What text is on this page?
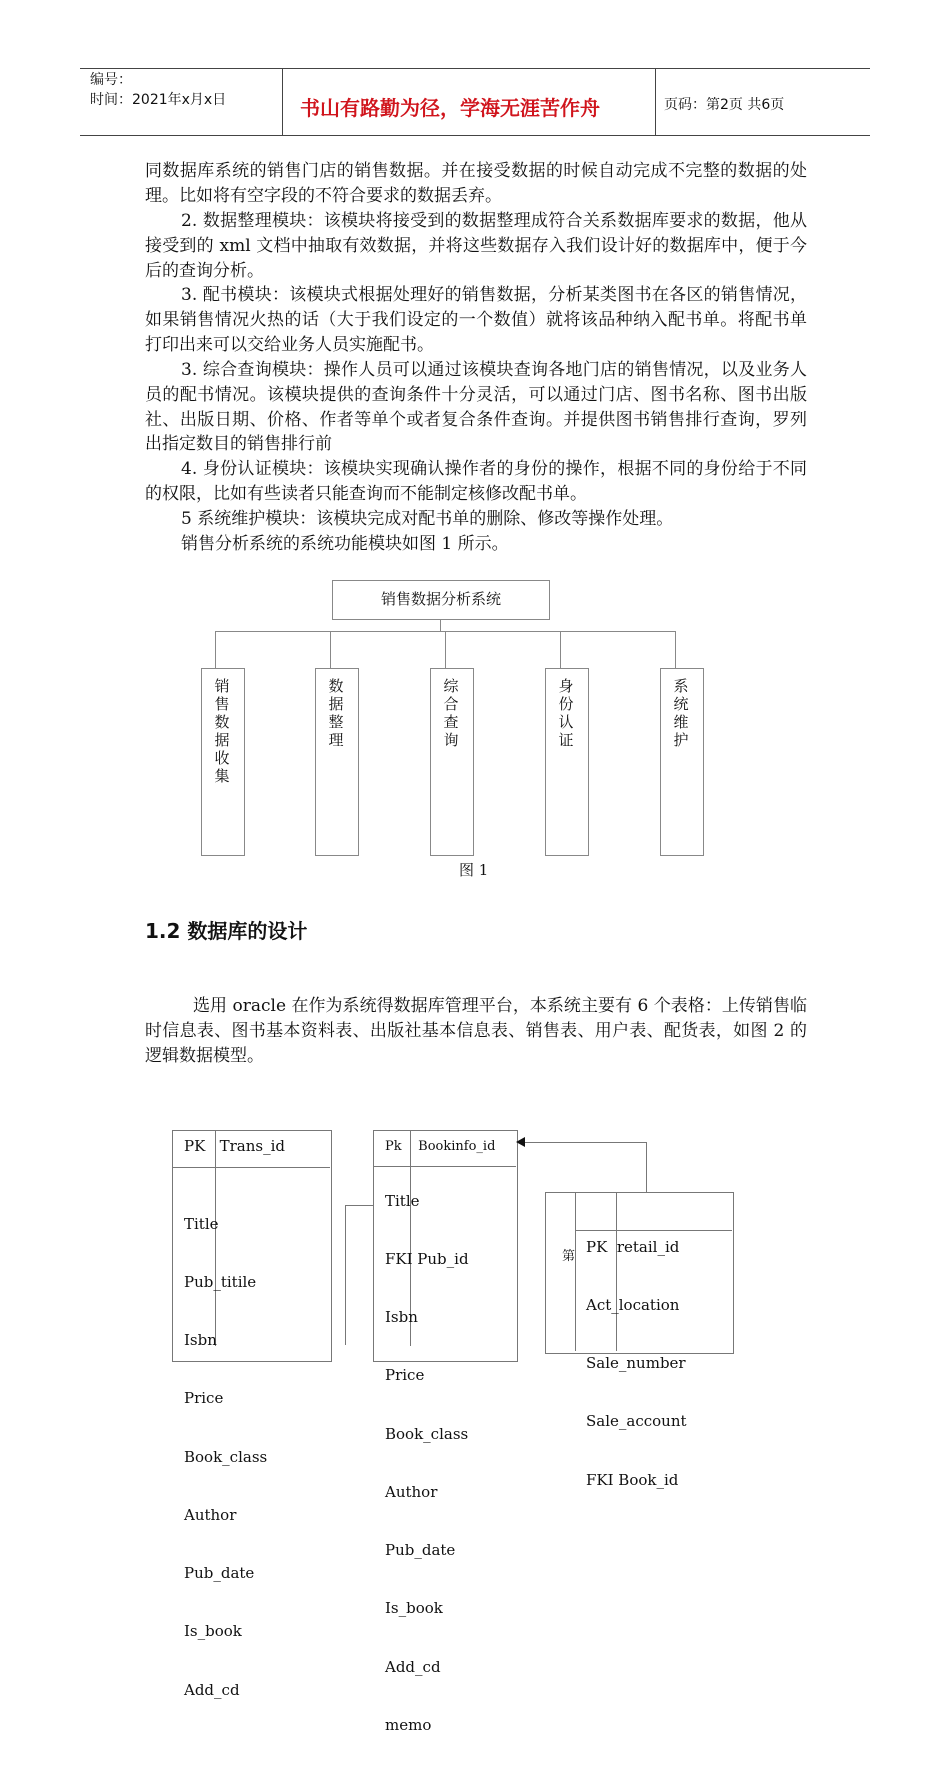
编号：
时间：2021年x月x日	书山有路勤为径，学海无涯苦作舟	页码：第2页 共6页

同数据库系统的销售门店的销售数据。并在接受数据的时候自动完成不完整的数据的处理。比如将有空字段的不符合要求的数据丢弃。

2. 数据整理模块：该模块将接受到的数据整理成符合关系数据库要求的数据，他从接受到的 xml 文档中抽取有效数据，并将这些数据存入我们设计好的数据库中，便于今后的查询分析。

3. 配书模块：该模块式根据处理好的销售数据，分析某类图书在各区的销售情况，如果销售情况火热的话（大于我们设定的一个数值）就将该品种纳入配书单。将配书单打印出来可以交给业务人员实施配书。

3. 综合查询模块：操作人员可以通过该模块查询各地门店的销售情况，以及业务人员的配书情况。该模块提供的查询条件十分灵活，可以通过门店、图书名称、图书出版社、出版日期、价格、作者等单个或者复合条件查询。并提供图书销售排行查询，罗列出指定数目的销售排行前

4. 身份认证模块：该模块实现确认操作者的身份的操作，根据不同的身份给于不同的权限，比如有些读者只能查询而不能制定核修改配书单。

5 系统维护模块：该模块完成对配书单的删除、修改等操作处理。

销售分析系统的系统功能模块如图 1 所示。

销售数据分析系统
销售数据收集
数据整理
综合查询
身份认证
系统维护
图 1
1.2 数据库的设计

选用 oracle 在作为系统得数据库管理平台，本系统主要有 6 个表格：上传销售临时信息表、图书基本资料表、出版社基本信息表、销售表、用户表、配货表，如图 2 的逻辑数据模型。

PK   Trans_id

Title

Pub_titile

Isbn

Price

Book_class

Author

Pub_date

Is_book

Add_cd

Pk    Bookinfo_id

Title

FKI Pub_id

Isbn

Price

Book_class

Author

Pub_date

Is_book

Add_cd

memo

第

PK  retail_id

Act_location

Sale_number

Sale_account

FKI Book_id
